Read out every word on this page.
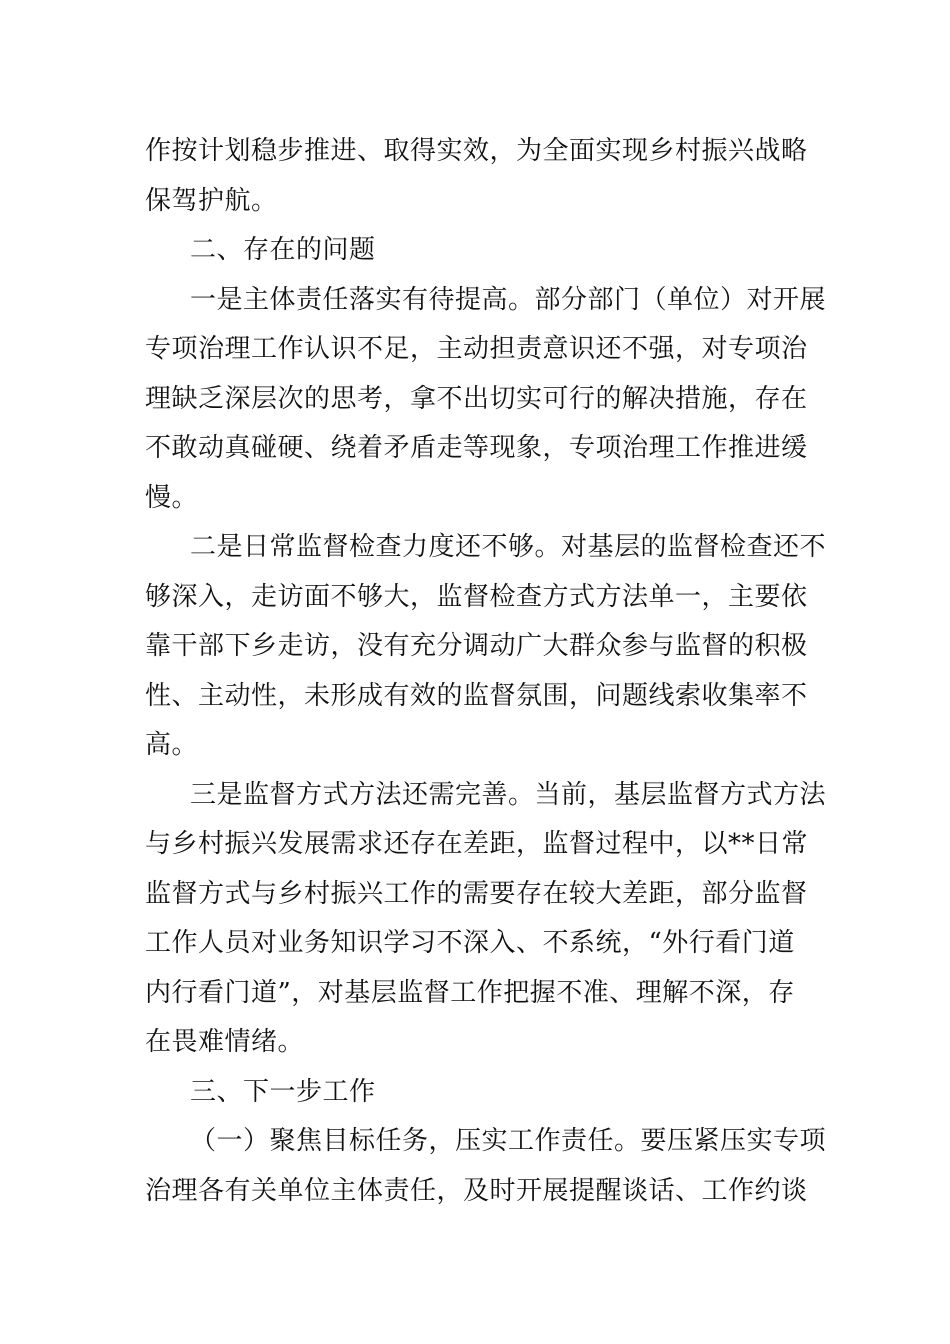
作按计划稳步推进、取得实效，为全面实现乡村振兴战略
保驾护航。
二、存在的问题
一是主体责任落实有待提高。部分部门（单位）对开展
专项治理工作认识不足，主动担责意识还不强，对专项治
理缺乏深层次的思考，拿不出切实可行的解决措施，存在
不敢动真碰硬、绕着矛盾走等现象，专项治理工作推进缓
慢。
二是日常监督检查力度还不够。对基层的监督检查还不
够深入，走访面不够大，监督检查方式方法单一，主要依
靠干部下乡走访，没有充分调动广大群众参与监督的积极
性、主动性，未形成有效的监督氛围，问题线索收集率不
高。
三是监督方式方法还需完善。当前，基层监督方式方法
与乡村振兴发展需求还存在差距，监督过程中，以**日常
监督方式与乡村振兴工作的需要存在较大差距，部分监督
工作人员对业务知识学习不深入、不系统，“外行看门道
内行看门道”，对基层监督工作把握不准、理解不深，存
在畏难情绪。
三、下一步工作
（一）聚焦目标任务，压实工作责任。要压紧压实专项
治理各有关单位主体责任，及时开展提醒谈话、工作约谈
